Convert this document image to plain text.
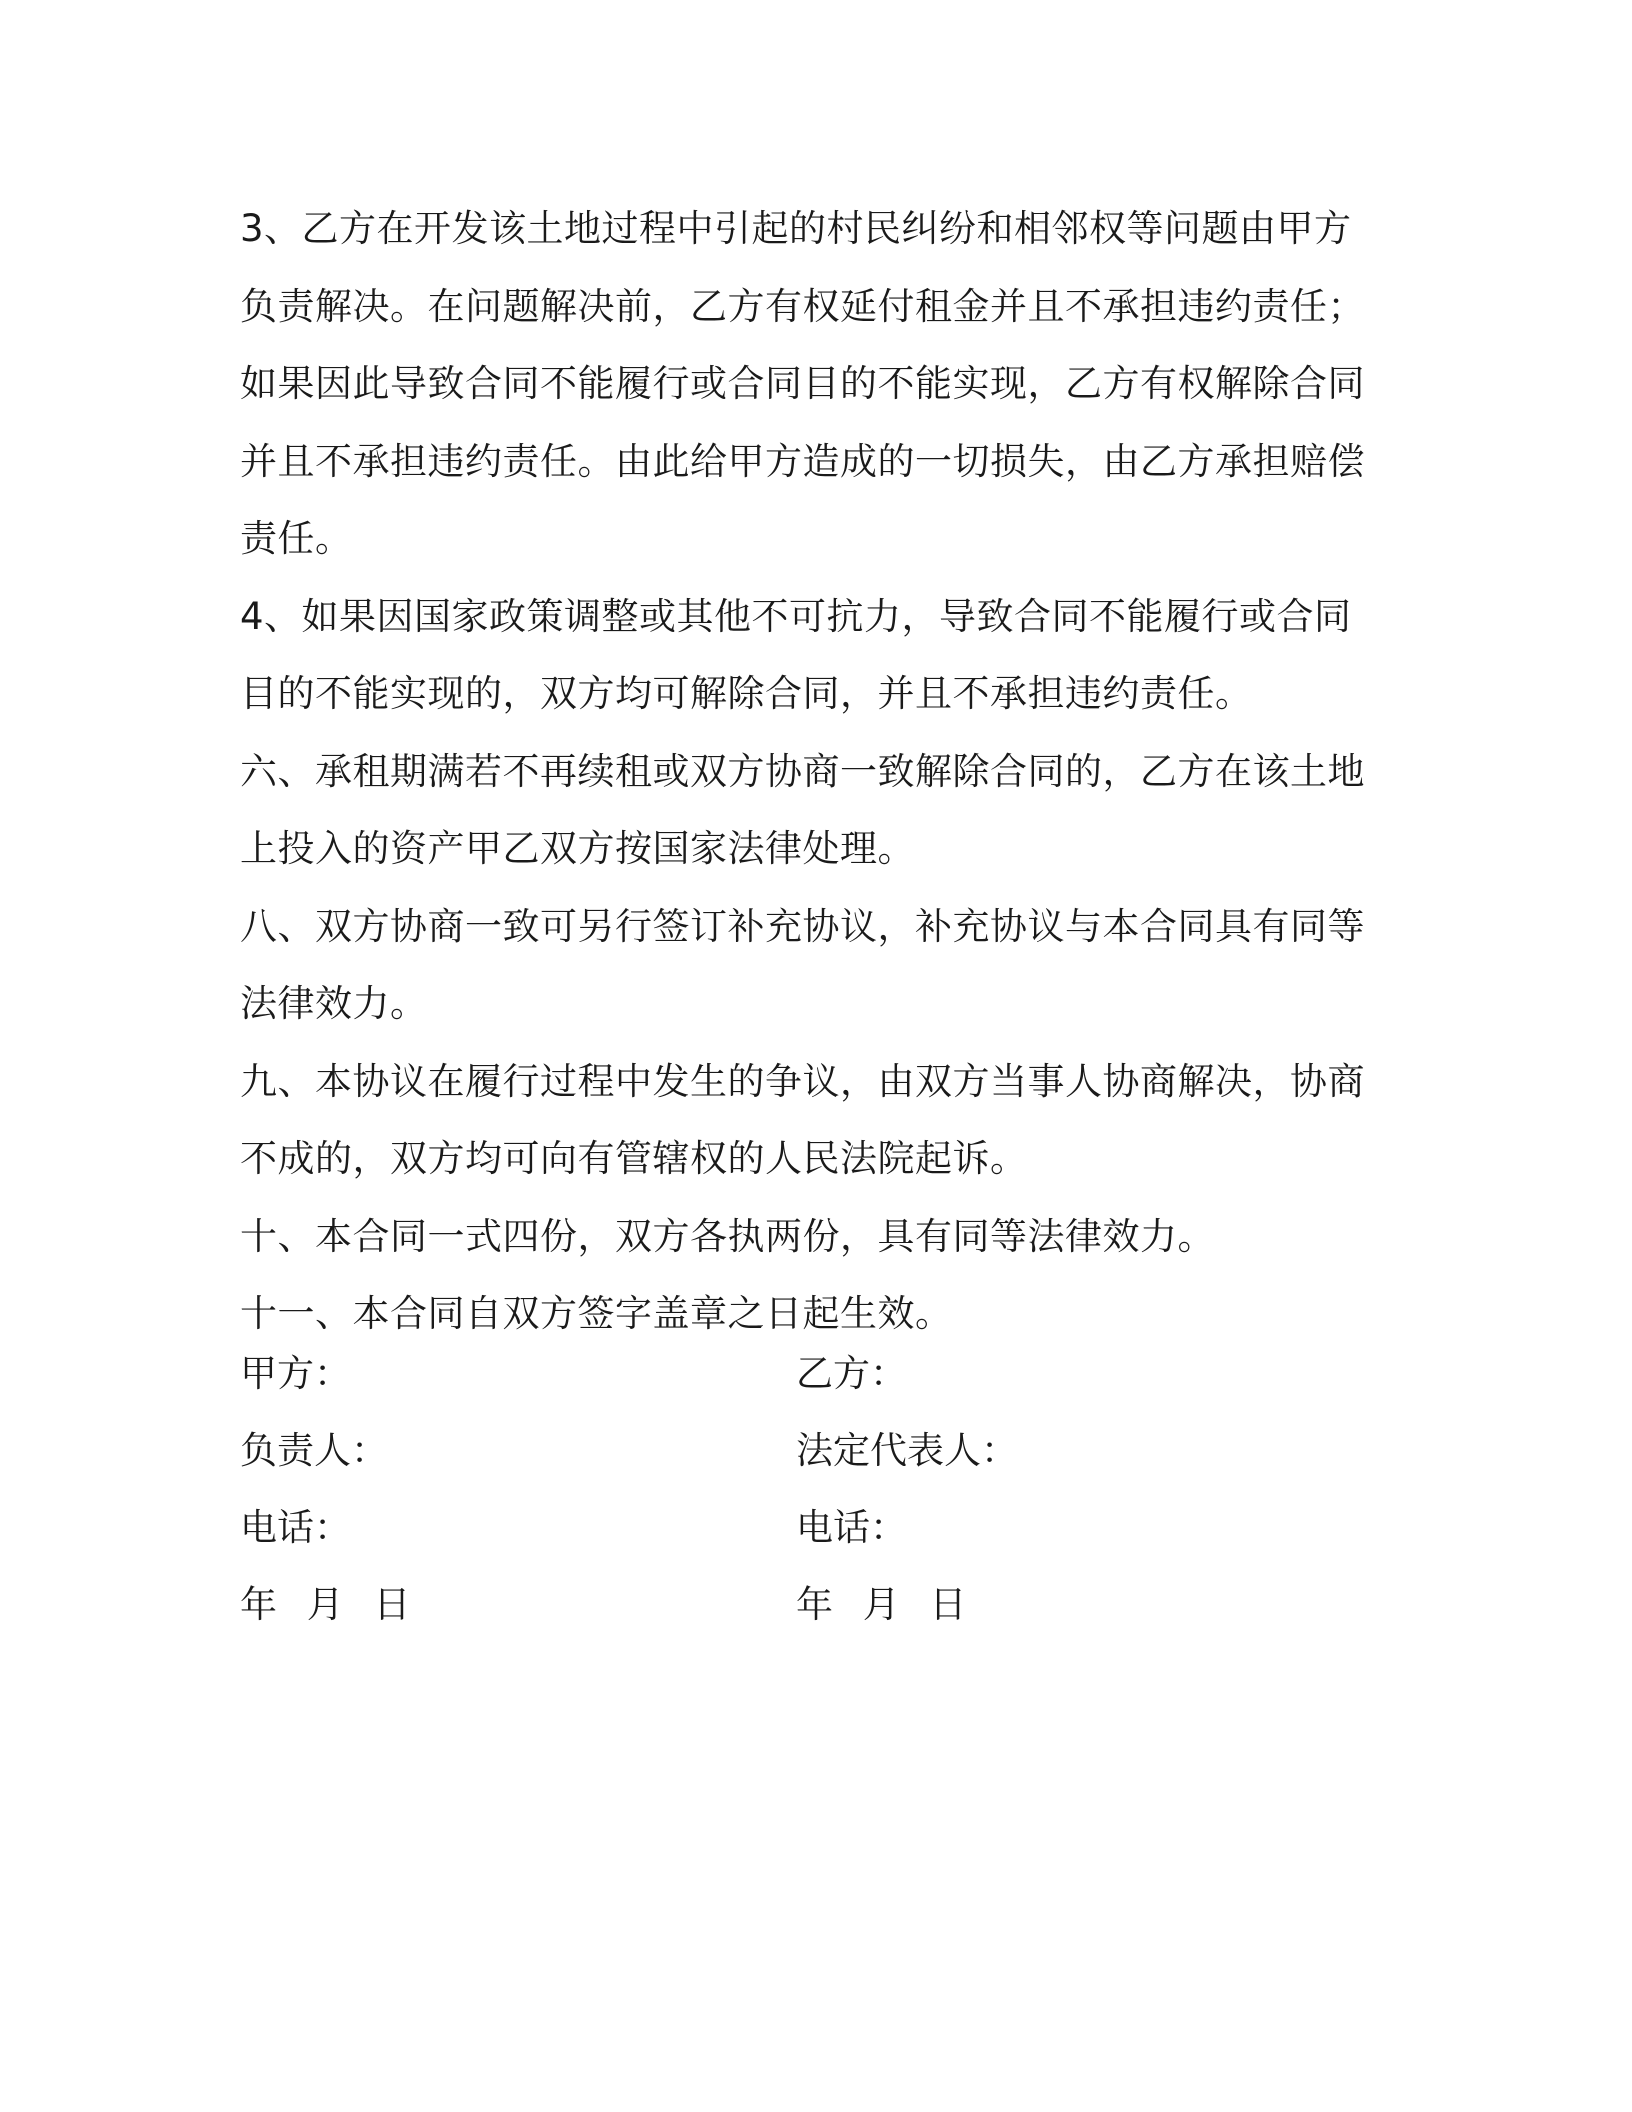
3、乙方在开发该土地过程中引起的村民纠纷和相邻权等问题由甲方负责解决。在问题解决前，乙方有权延付租金并且不承担违约责任；如果因此导致合同不能履行或合同目的不能实现，乙方有权解除合同并且不承担违约责任。由此给甲方造成的一切损失，由乙方承担赔偿责任。

4、如果因国家政策调整或其他不可抗力，导致合同不能履行或合同目的不能实现的，双方均可解除合同，并且不承担违约责任。

六、承租期满若不再续租或双方协商一致解除合同的，乙方在该土地上投入的资产甲乙双方按国家法律处理。

八、双方协商一致可另行签订补充协议，补充协议与本合同具有同等法律效力。

九、本协议在履行过程中发生的争议，由双方当事人协商解决，协商不成的，双方均可向有管辖权的人民法院起诉。

十、本合同一式四份，双方各执两份，具有同等法律效力。

十一、本合同自双方签字盖章之日起生效。

甲方：	乙方：
负责人：	法定代表人：
电话：	电话：
年 月 日	年 月 日
